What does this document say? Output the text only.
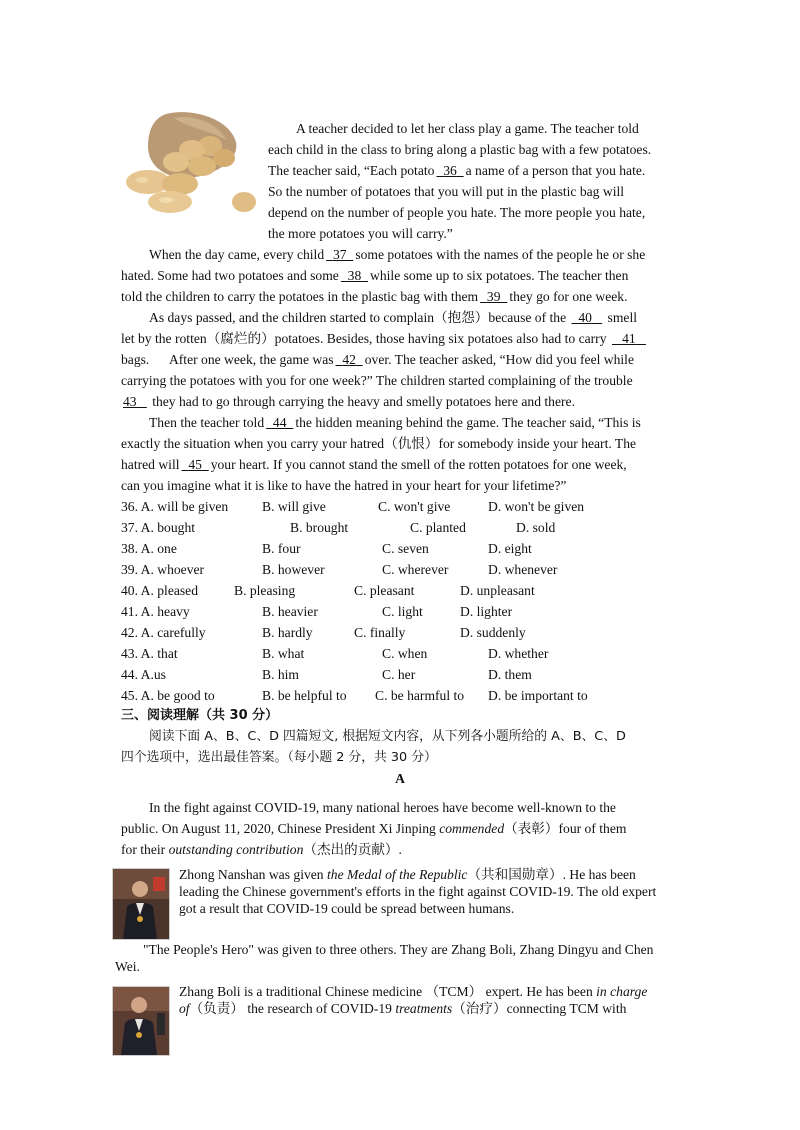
A teacher decided to let her class play a game. The teacher told
each child in the class to bring along a plastic bag with a few potatoes.
The teacher said, “Each potato 36 a name of a person that you hate.
So the number of potatoes that you will put in the plastic bag will
depend on the number of people you hate. The more people you hate,
the more potatoes you will carry.”
When the day came, every child 37 some potatoes with the names of the people he or she
hated. Some had two potatoes and some 38 while some up to six potatoes. The teacher then
told the children to carry the potatoes in the plastic bag with them 39 they go for one week.
As days passed, and the children started to complain（抱怨）because of the 40 smell
let by the rotten（腐烂的）potatoes. Besides, those having six potatoes also had to carry 41
bags.      After one week, the game was 42 over. The teacher asked, “How did you feel while
carrying the potatoes with you for one week?” The children started complaining of the trouble
43    they had to go through carrying the heavy and smelly potatoes here and there.
Then the teacher told 44 the hidden meaning behind the game. The teacher said, “This is
exactly the situation when you carry your hatred（仇恨）for somebody inside your heart. The
hatred will 45 your heart. If you cannot stand the smell of the rotten potatoes for one week,
can you imagine what it is like to have the hatred in your heart for your lifetime?”
36. A. will be given B. will give	C. won't give	D. won't be given
37. A. bought	B. brought	C. planted	D. sold
38. A. one	B. four	C. seven	D. eight
39. A. whoever	B. however	C. wherever	D. whenever
40. A. pleased	B. pleasing	C. pleasant	D. unpleasant
41. A. heavy	B. heavier	C. light	D. lighter
42. A. carefully	B. hardly	C. finally	D. suddenly
43. A. that	B. what	C. when	D. whether
44. A.us	B. him	C. her	D. them
45. A. be good to	B. be helpful to C. be harmful to D. be important to
三、阅读理解（共 30 分）
阅读下面 A、B、C、D 四篇短文, 根据短文内容，从下列各小题所给的 A、B、C、D
四个选项中，选出最佳答案。（每小题 2 分，共 30 分）
A
In the fight against COVID-19, many national heroes have become well-known to the
public. On August 11, 2020, Chinese President Xi Jinping commended（表彰）four of them
for their outstanding contribution（杰出的贡献）.
Zhong Nanshan was given the Medal of the Republic（共和国勋章）. He has been
leading the Chinese government's efforts in the fight against COVID-19. The old expert
got a result that COVID-19 could be spread between humans.
"The People's Hero" was given to three others. They are Zhang Boli, Zhang Dingyu and Chen
Wei.
Zhang Boli is a traditional Chinese medicine （TCM） expert. He has been in charge
of（负责） the research of COVID-19 treatments（治疗）connecting TCM with
